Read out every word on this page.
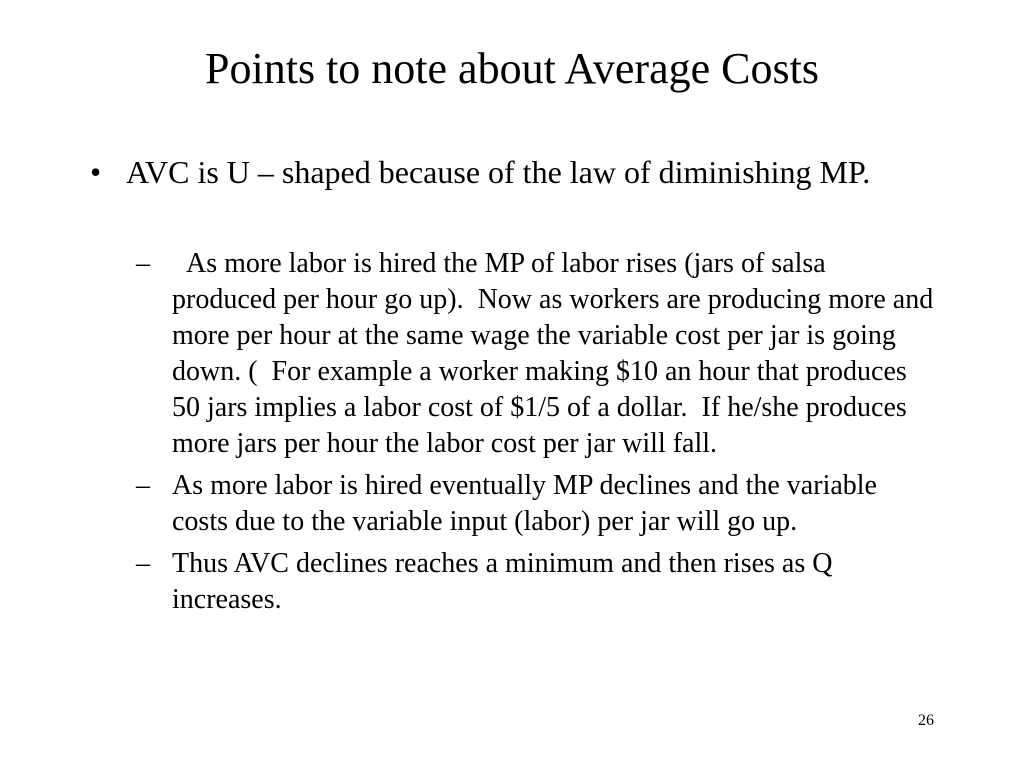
Points to note about Average Costs
• AVC is U – shaped because of the law of diminishing MP.
– As more labor is hired the MP of labor rises (jars of salsa produced per hour go up).  Now as workers are producing more and more per hour at the same wage the variable cost per jar is going down. (  For example a worker making $10 an hour that produces 50 jars implies a labor cost of $1/5 of a dollar.  If he/she produces more jars per hour the labor cost per jar will fall.
– As more labor is hired eventually MP declines and the variable costs due to the variable input (labor) per jar will go up.
– Thus AVC declines reaches a minimum and then rises as Q increases.
26
